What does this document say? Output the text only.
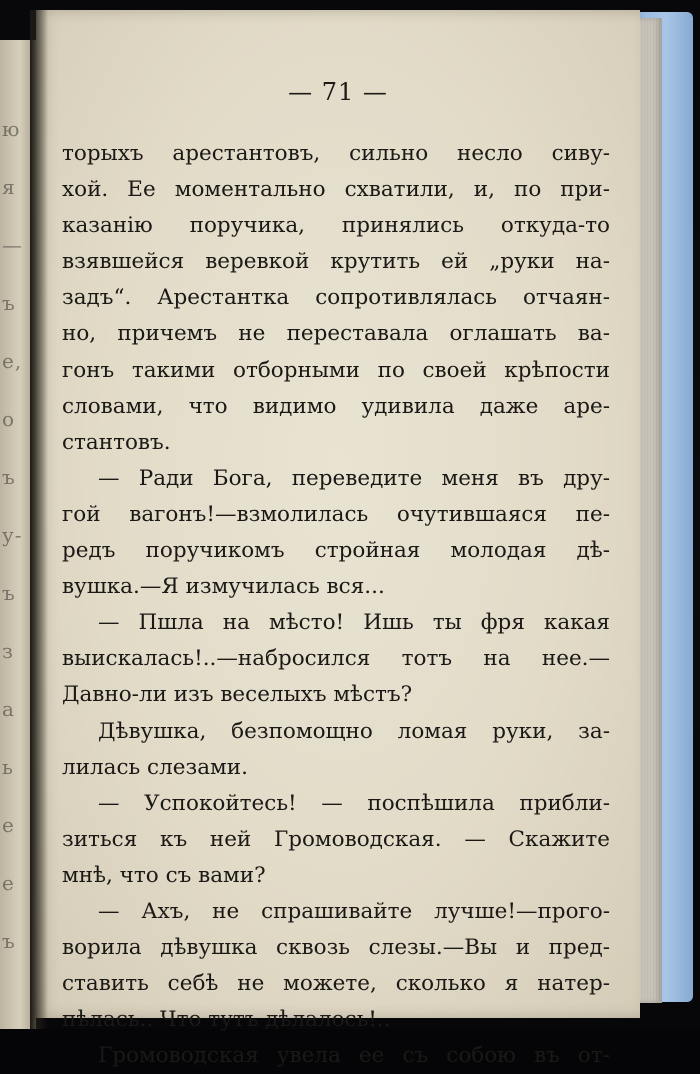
ю
я
—
ъ
е,
о
ъ
у-
ъ
з
а
ь
е
е
ъ
— 71 —
торыхъ арестантовъ, сильно несло сиву-
хой. Ее моментально схватили, и, по при-
казанію поручика, принялись откуда-то
взявшейся веревкой крутить ей „руки на-
задъ“. Арестантка сопротивлялась отчаян-
но, причемъ не переставала оглашать ва-
гонъ такими отборными по своей крѣпости
словами, что видимо удивила даже аре-
стантовъ.
— Ради Бога, переведите меня въ дру-
гой вагонъ!—взмолилась очутившаяся пе-
редъ поручикомъ стройная молодая дѣ-
вушка.—Я измучилась вся...
— Пшла на мѣсто! Ишь ты фря какая
выискалась!..—набросился тотъ на нее.—
Давно-ли изъ веселыхъ мѣстъ?
Дѣвушка, безпомощно ломая руки, за-
лилась слезами.
— Успокойтесь! — поспѣшила прибли-
зиться къ ней Громоводская. — Скажите
мнѣ, что съ вами?
— Ахъ, не спрашивайте лучше!—прого-
ворила дѣвушка сквозь слезы.—Вы и пред-
ставить себѣ не можете, сколько я натер-
пѣлась.. Что тутъ дѣлалось!..
Громоводская увела ее съ собою въ от-
